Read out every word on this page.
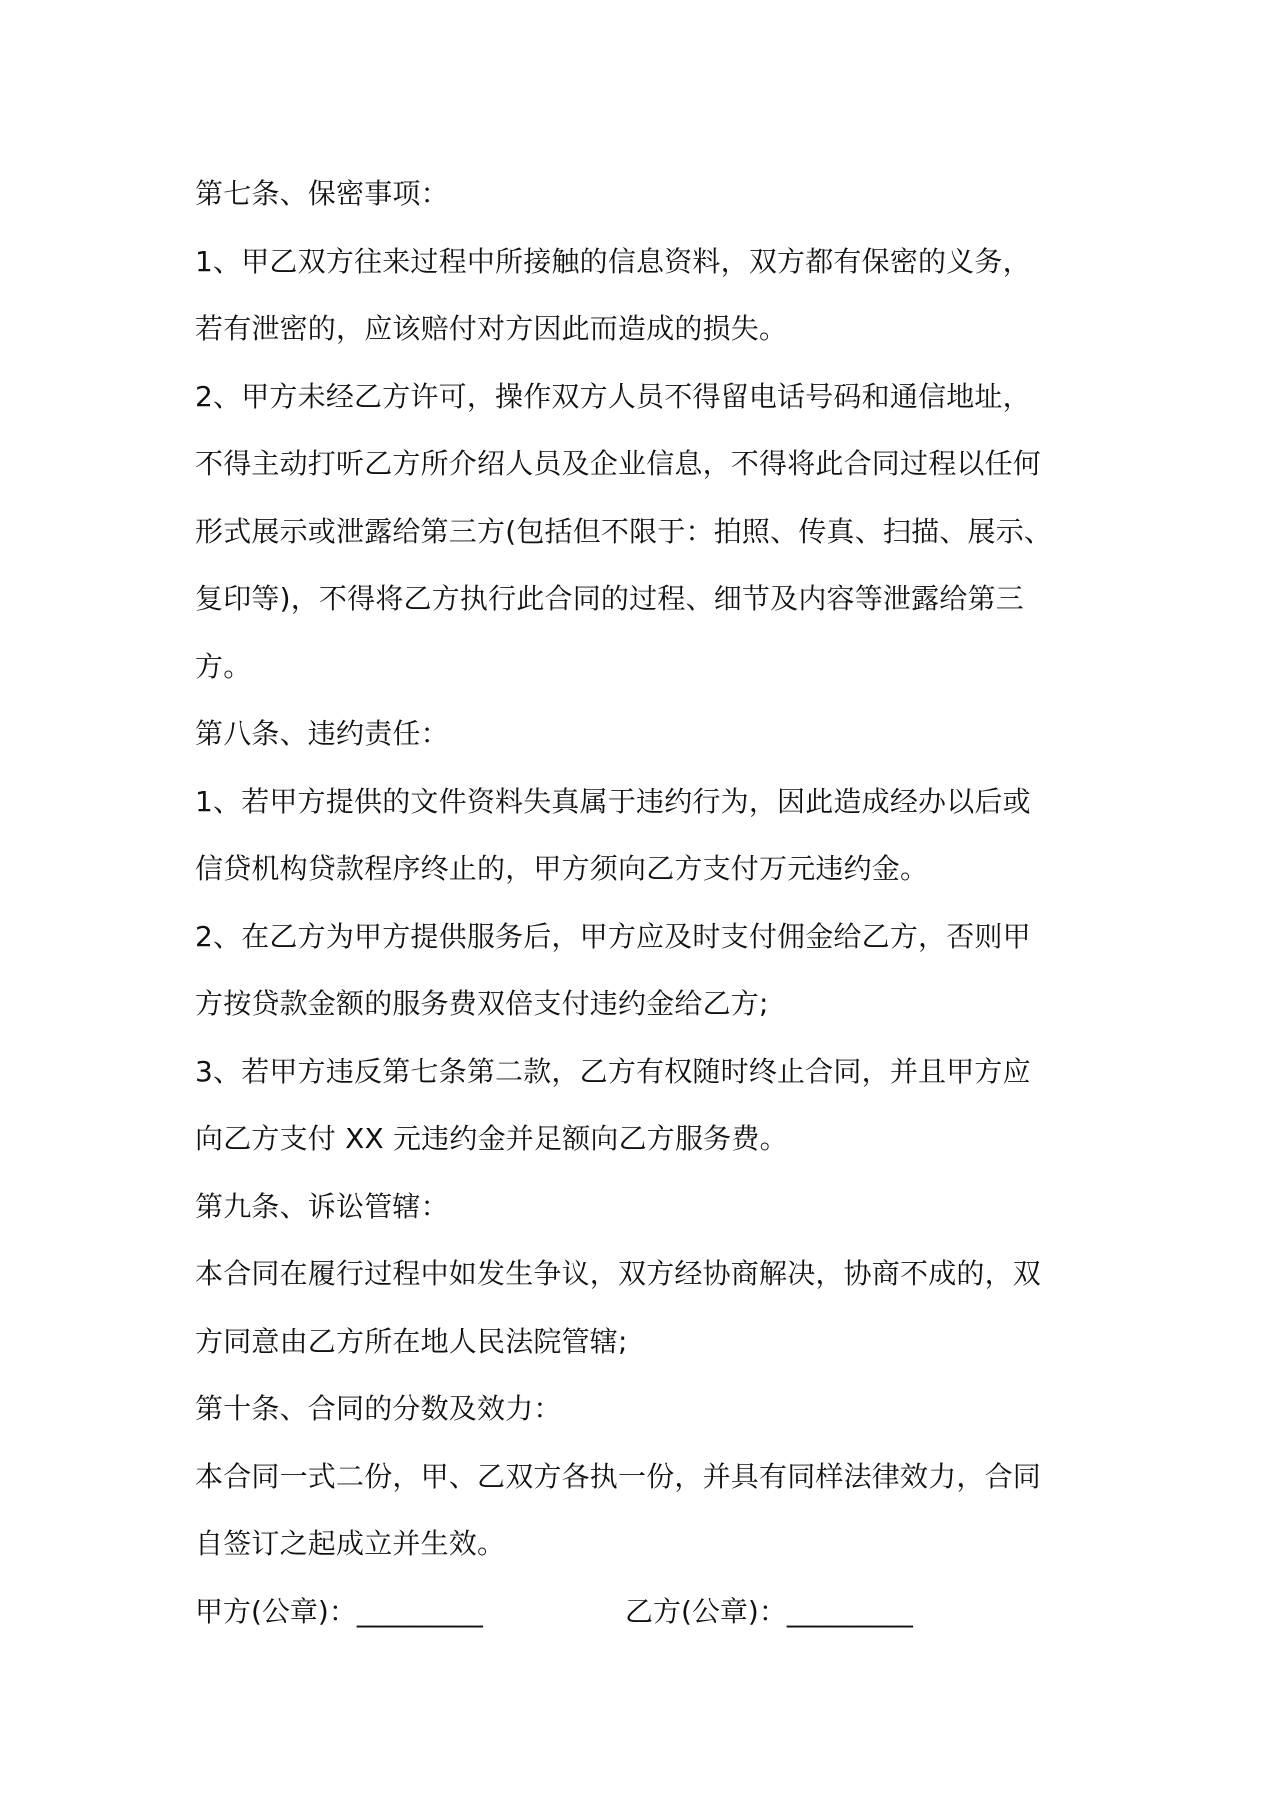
第七条、保密事项：
1、甲乙双方往来过程中所接触的信息资料，双方都有保密的义务，
若有泄密的，应该赔付对方因此而造成的损失。
2、甲方未经乙方许可，操作双方人员不得留电话号码和通信地址，
不得主动打听乙方所介绍人员及企业信息，不得将此合同过程以任何
形式展示或泄露给第三方(包括但不限于：拍照、传真、扫描、展示、
复印等)，不得将乙方执行此合同的过程、细节及内容等泄露给第三
方。
第八条、违约责任：
1、若甲方提供的文件资料失真属于违约行为，因此造成经办以后或
信贷机构贷款程序终止的，甲方须向乙方支付万元违约金。
2、在乙方为甲方提供服务后，甲方应及时支付佣金给乙方，否则甲
方按贷款金额的服务费双倍支付违约金给乙方;
3、若甲方违反第七条第二款，乙方有权随时终止合同，并且甲方应
向乙方支付 XX 元违约金并足额向乙方服务费。
第九条、诉讼管辖：
本合同在履行过程中如发生争议，双方经协商解决，协商不成的，双
方同意由乙方所在地人民法院管辖;
第十条、合同的分数及效力：
本合同一式二份，甲、乙双方各执一份，并具有同样法律效力，合同
自签订之起成立并生效。
甲方(公章)：_________	乙方(公章)：_________
